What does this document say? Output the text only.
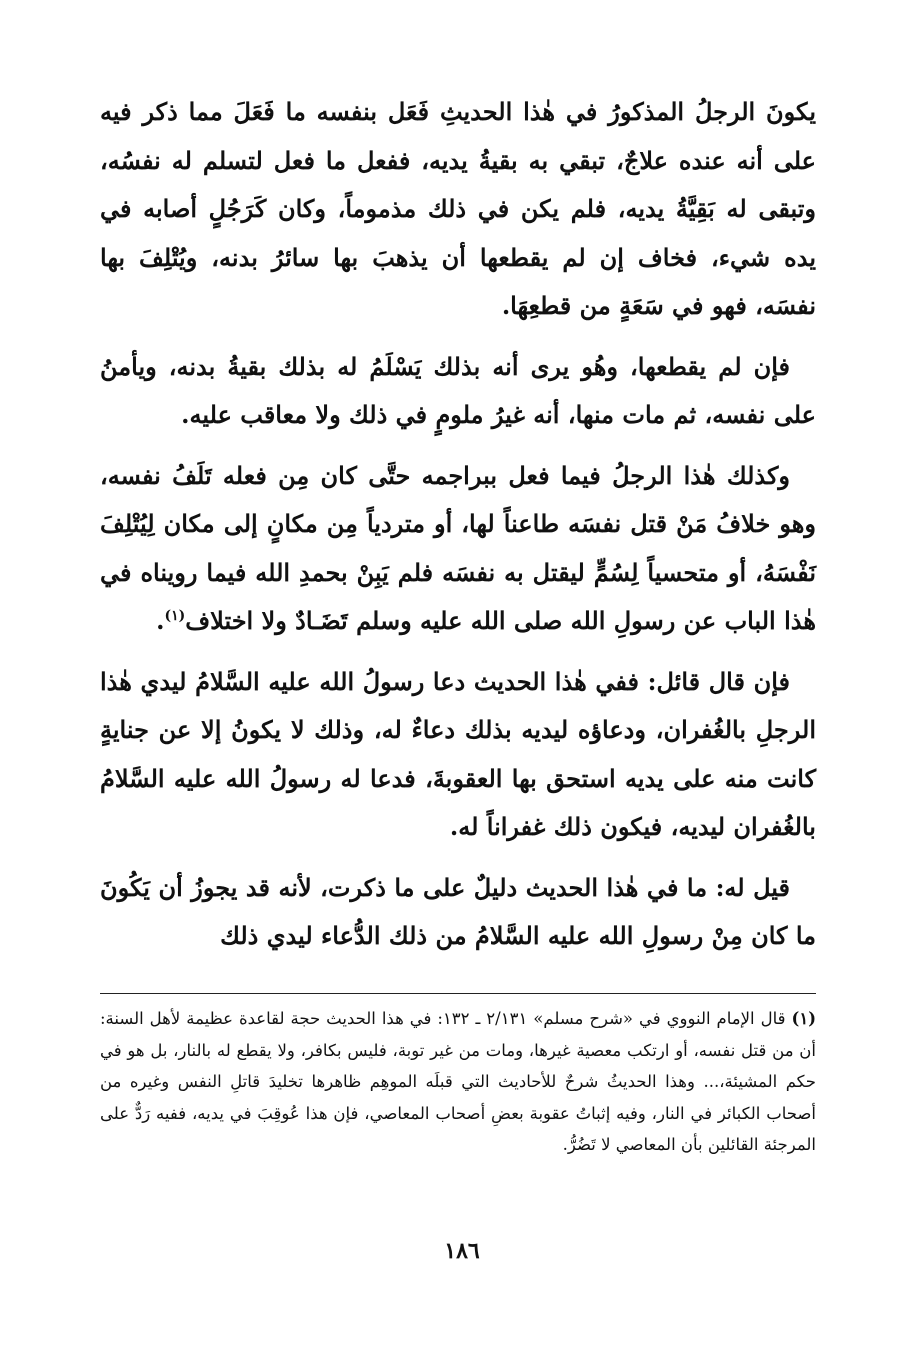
يكونَ الرجلُ المذكورُ في هٰذا الحديثِ فَعَل بنفسه ما فَعَلَ مما ذكر فيه على أنه عنده علاجٌ، تبقي به بقيةُ يديه، ففعل ما فعل لتسلم له نفسُه، وتبقى له بَقِيَّةُ يديه، فلم يكن في ذلك مذموماً، وكان كَرَجُلٍ أصابه في يده شيء، فخاف إن لم يقطعها أن يذهبَ بها سائرُ بدنه، ويُتْلِفَ بها نفسَه، فهو في سَعَةٍ من قطعِهَا.

فإن لم يقطعها، وهُو يرى أنه بذلك يَسْلَمُ له بذلك بقيةُ بدنه، ويأمنُ على نفسه، ثم مات منها، أنه غيرُ ملومٍ في ذلك ولا معاقب عليه.

وكذلك هٰذا الرجلُ فيما فعل ببراجمه حتَّى كان مِن فعله تَلَفُ نفسه، وهو خلافُ مَنْ قتل نفسَه طاعناً لها، أو متردياً مِن مكانٍ إلى مكان لِيُتْلِفَ نَفْسَهُ، أو متحسياً لِسُمٍّ ليقتل به نفسَه فلم يَبِنْ بحمدِ الله فيما رويناه في هٰذا الباب عن رسولِ الله صلى الله عليه وسلم تَضَـادٌ ولا اختلاف$^{(١)}$.

فإن قال قائل: ففي هٰذا الحديث دعا رسولُ الله عليه السَّلامُ ليدي هٰذا الرجلِ بالغُفران، ودعاؤه ليديه بذلك دعاءٌ له، وذلك لا يكونُ إلا عن جنايةٍ كانت منه على يديه استحق بها العقوبةَ، فدعا له رسولُ الله عليه السَّلامُ بالغُفران ليديه، فيكون ذلك غفراناً له.

قيل له: ما في هٰذا الحديث دليلٌ على ما ذكرت، لأنه قد يجوزُ أن يَكُونَ ما كان مِنْ رسولِ الله عليه السَّلامُ من ذلك الدُّعاء ليدي ذلك

(١)قال الإمام النووي في «شرح مسلم» ٢/١٣١ ـ ١٣٢: في هذا الحديث حجة لقاعدة عظيمة لأهل السنة: أن من قتل نفسه، أو ارتكب معصية غيرها، ومات من غير توبة، فليس بكافر، ولا يقطع له بالنار، بل هو في حكم المشيئة،... وهذا الحديثُ شرحٌ للأحاديث التي قبلَه الموهِم ظاهرها تخليدَ قاتلِ النفس وغيره من أصحاب الكبائر في النار، وفيه إثباتُ عقوبة بعضِ أصحاب المعاصي، فإن هذا عُوقِبَ في يديه، ففيه رَدٌّ على المرجئة القائلين بأن المعاصي لا تَضُرُّ.
١٨٦
